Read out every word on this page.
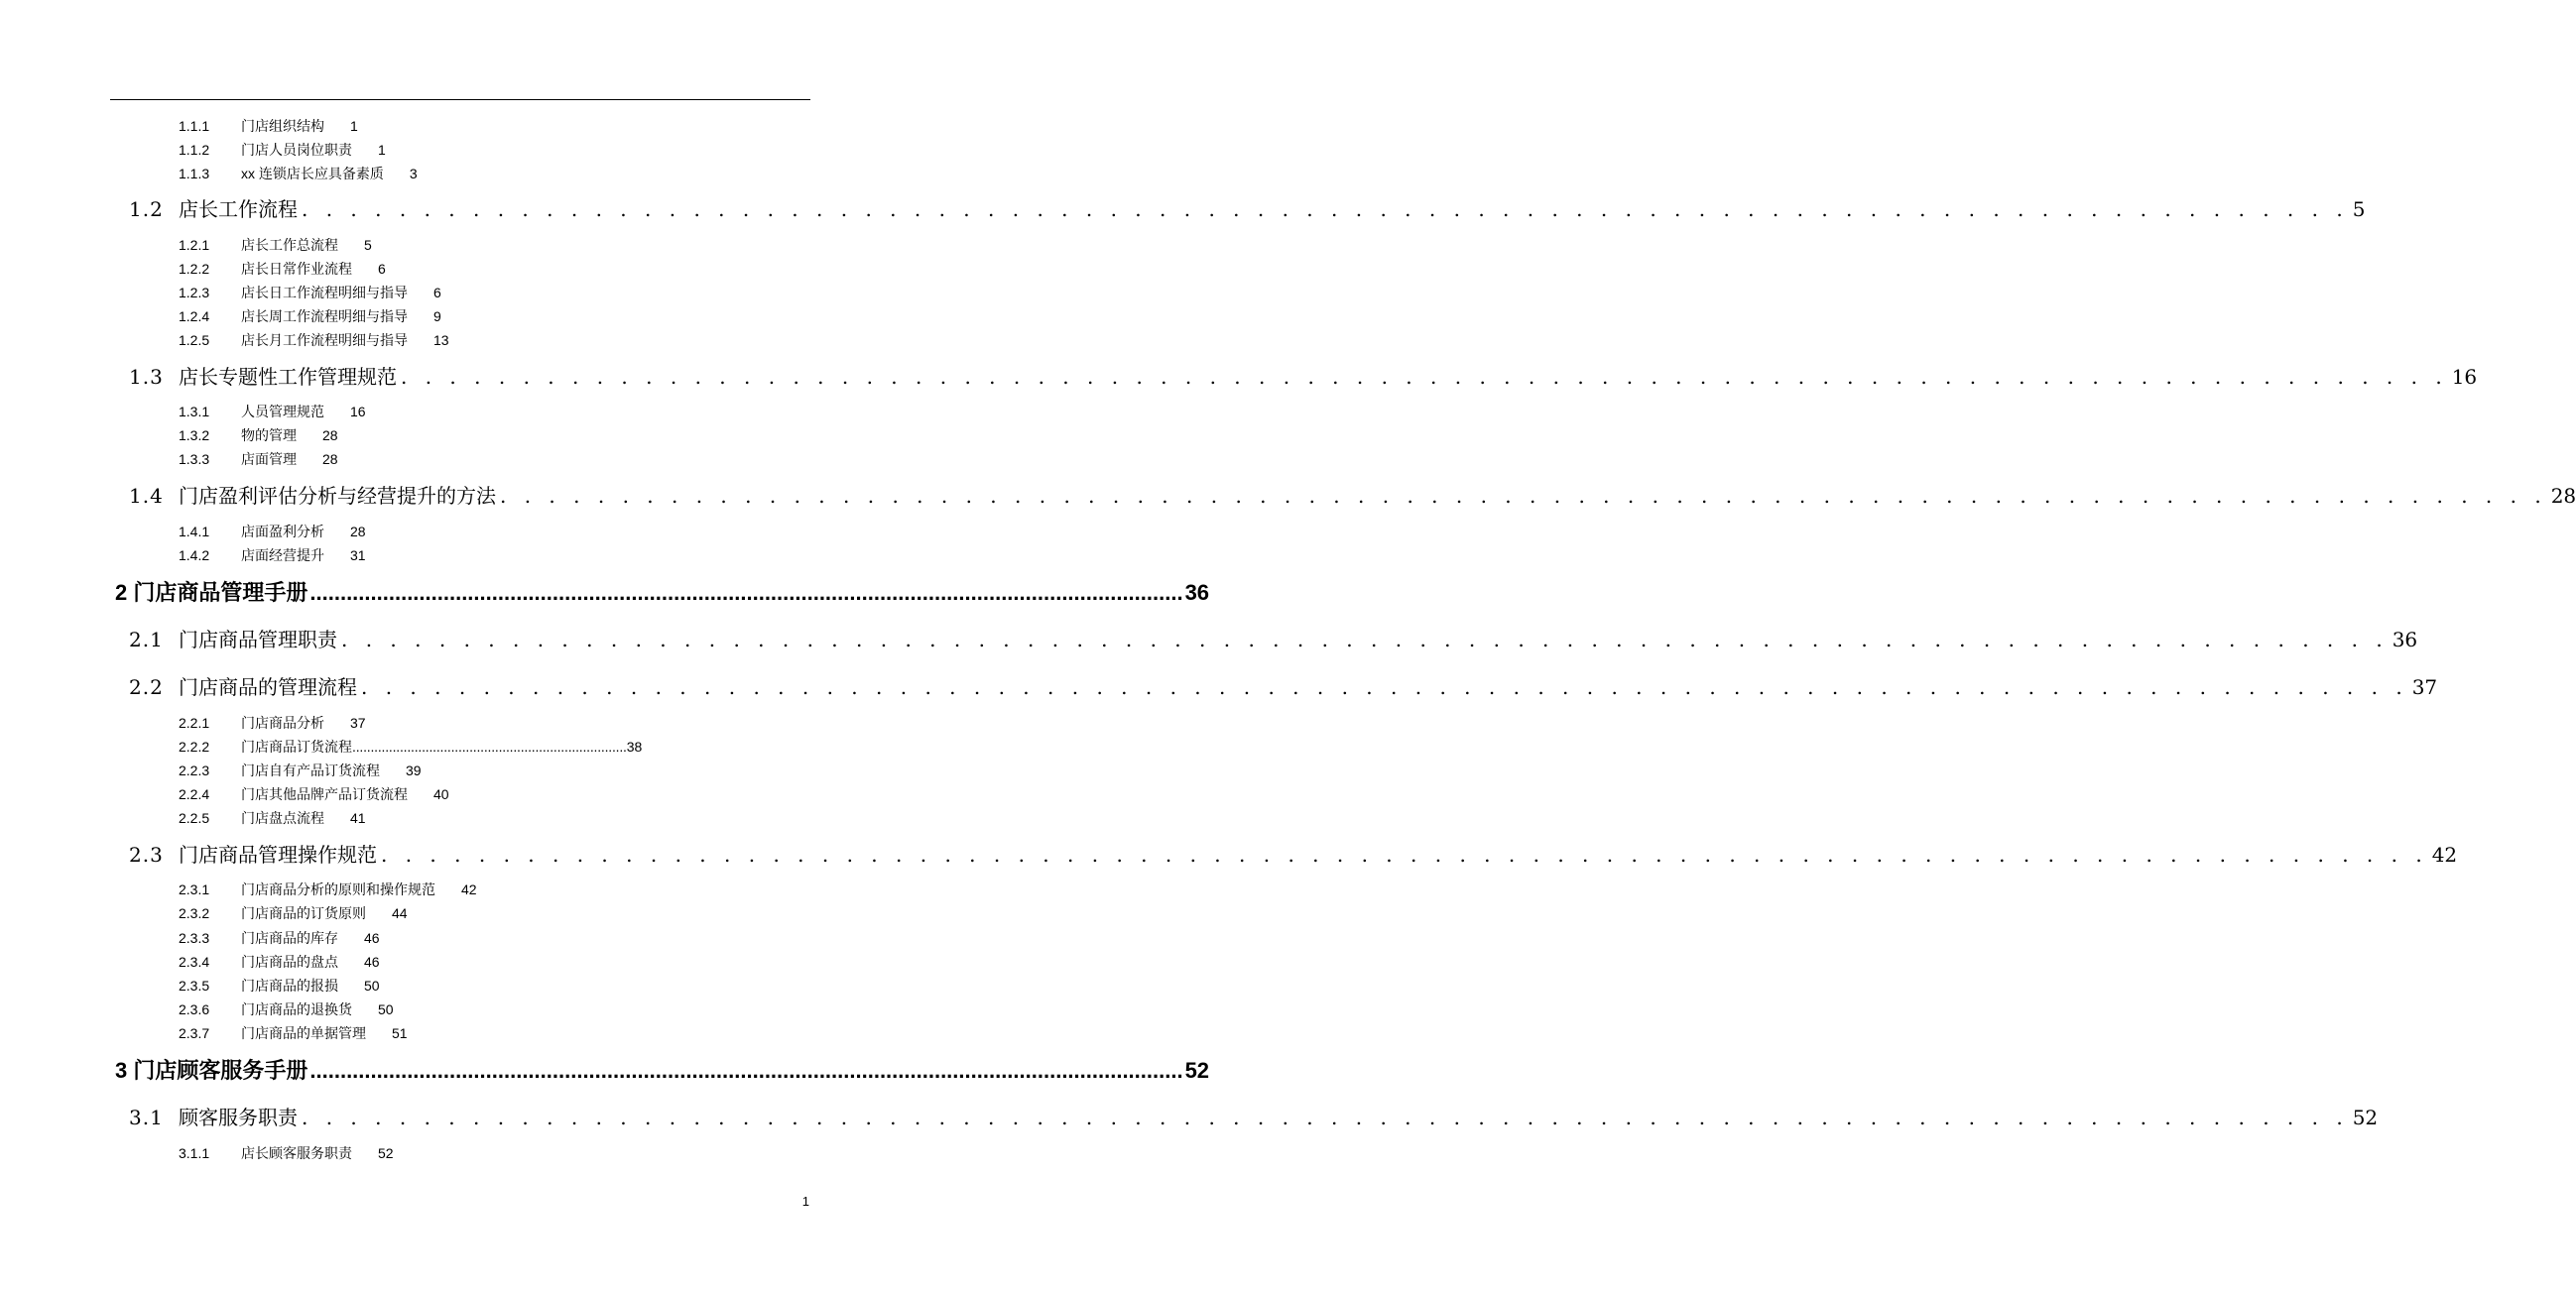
1.1.1 门店组织结构 1
1.1.2 门店人员岗位职责 1
1.1.3 xx 连锁店长应具备素质 3
1.2 店长工作流程 . . . . . . . . . . . . . . . . . . . . . . . . . . . . . . . . . . . . . . . . . . . . . . . . . . . . . . . . . . . . . . . . . . . . . . . . . . . . . . . . . . . . 5
1.2.1 店长工作总流程 5
1.2.2 店长日常作业流程 6
1.2.3 店长日工作流程明细与指导 6
1.2.4 店长周工作流程明细与指导 9
1.2.5 店长月工作流程明细与指导 13
1.3 店长专题性工作管理规范 . . . . . . . . . . . . . . . . . . . . . . . . . . . . . . . . . . . . . . . . . . . . . . . . . . . . . . . . . . . . . . . . . . . . . . . . . . . . . . . . . . . . 16
1.3.1 人员管理规范 16
1.3.2 物的管理 28
1.3.3 店面管理 28
1.4 门店盈利评估分析与经营提升的方法 . . . . . . . . . . . . . . . . . . . . . . . . . . . . . . . . . . . . . . . . . . . . . . . . . . . . . . . . . . . . . . . . . . . . . . . . . . . . . . . . . . . . 28
1.4.1 店面盈利分析 28
1.4.2 店面经营提升 31
2 门店商品管理手册 ................................................................................................................................................ 36
2.1 门店商品管理职责 . . . . . . . . . . . . . . . . . . . . . . . . . . . . . . . . . . . . . . . . . . . . . . . . . . . . . . . . . . . . . . . . . . . . . . . . . . . . . . . . . . . . 36
2.2 门店商品的管理流程 . . . . . . . . . . . . . . . . . . . . . . . . . . . . . . . . . . . . . . . . . . . . . . . . . . . . . . . . . . . . . . . . . . . . . . . . . . . . . . . . . . . . 37
2.2.1 门店商品分析 37
2.2.2 门店商品订货流程...........................................................................38
2.2.3 门店自有产品订货流程 39
2.2.4 门店其他品牌产品订货流程 40
2.2.5 门店盘点流程 41
2.3 门店商品管理操作规范 . . . . . . . . . . . . . . . . . . . . . . . . . . . . . . . . . . . . . . . . . . . . . . . . . . . . . . . . . . . . . . . . . . . . . . . . . . . . . . . . . . . . 42
2.3.1 门店商品分析的原则和操作规范 42
2.3.2 门店商品的订货原则 44
2.3.3 门店商品的库存 46
2.3.4 门店商品的盘点 46
2.3.5 门店商品的报损 50
2.3.6 门店商品的退换货 50
2.3.7 门店商品的单据管理 51
3 门店顾客服务手册 ................................................................................................................................................ 52
3.1 顾客服务职责 . . . . . . . . . . . . . . . . . . . . . . . . . . . . . . . . . . . . . . . . . . . . . . . . . . . . . . . . . . . . . . . . . . . . . . . . . . . . . . . . . . . . 52
3.1.1 店长顾客服务职责 52
1
